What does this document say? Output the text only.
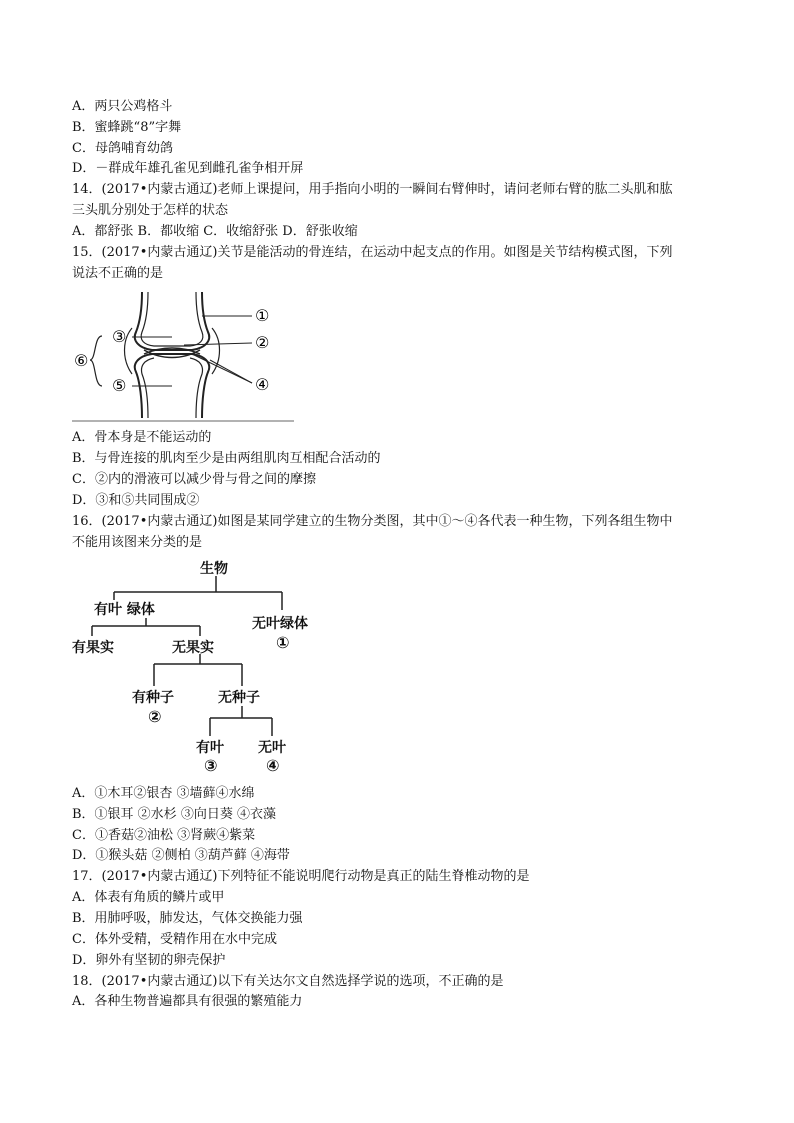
A．两只公鸡格斗
B．蜜蜂跳“8”字舞
C．母鸽哺育幼鸽
D．－群成年雄孔雀见到雌孔雀争相开屏
14．(2017•内蒙古通辽)老师上课提问，用手指向小明的一瞬间右臂伸时，请问老师右臂的肱二头肌和肱
三头肌分别处于怎样的状态
A．都舒张 B．都收缩 C．收缩舒张 D．舒张收缩
15．(2017•内蒙古通辽)关节是能活动的骨连结，在运动中起支点的作用。如图是关节结构模式图，下列
说法不正确的是
①
③	②
⑥
⑤	④
A．骨本身是不能运动的
B．与骨连接的肌肉至少是由两组肌肉互相配合活动的
C．②内的滑液可以减少骨与骨之间的摩擦
D．③和⑤共同围成②
16．(2017•内蒙古通辽)如图是某同学建立的生物分类图，其中①～④各代表一种生物，下列各组生物中
不能用该图来分类的是
生物
有叶 绿体
无叶绿体
①
有果实	无果实
有种子
②
无种子
有叶
③
无叶
④
A．①木耳②银杏 ③墙藓④水绵
B．①银耳 ②水杉 ③向日葵 ④衣藻
C．①香菇②油松 ③肾蕨④紫菜
D．①猴头菇 ②侧柏 ③葫芦藓 ④海带
17．(2017•内蒙古通辽)下列特征不能说明爬行动物是真正的陆生脊椎动物的是
A．体表有角质的鳞片或甲
B．用肺呼吸，肺发达，气体交换能力强
C．体外受精，受精作用在水中完成
D．卵外有坚韧的卵壳保护
18．(2017•内蒙古通辽)以下有关达尔文自然选择学说的选项，不正确的是
A．各种生物普遍都具有很强的繁殖能力
